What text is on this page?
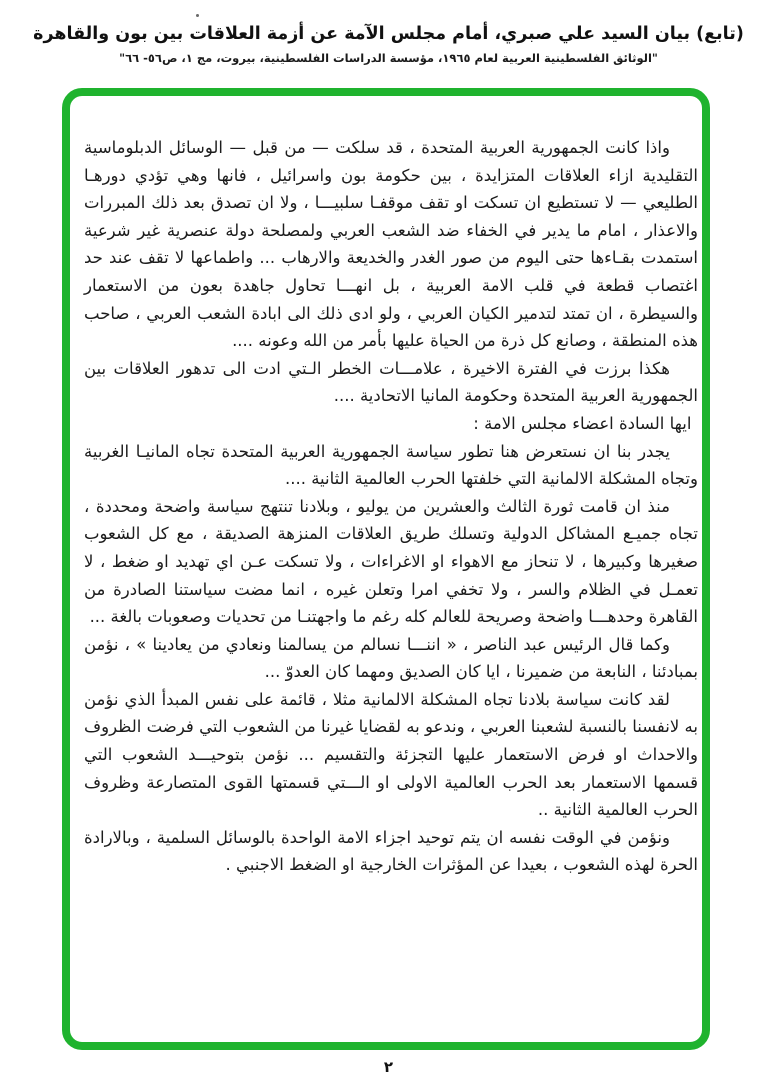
(تابع) بيان السيد علي صبري، أمام مجلس الآمة عن أزمة العلاقات بين بون والقاهرة
"الوثائق الفلسطينية العربية لعام ١٩٦٥، مؤسسة الدراسات الفلسطينية، بيروت، مج ١، ص٥٦- ٦٦"

واذا كانت الجمهورية العربية المتحدة ، قد سلكت — من قبل — الوسائل الدبلوماسية التقليدية ازاء العلاقات المتزايدة ، بين حكومة بون واسرائيل ، فانها وهي تؤدي دورهـا الطليعي — لا تستطيع ان تسكت او تقف موقفـا سلبيـــا ، ولا ان تصدق بعد ذلك المبررات والاعذار ، امام ما يدير في الخفاء ضد الشعب العربي ولمصلحة دولة عنصرية غير شرعية استمدت بقـاءها حتى اليوم من صور الغدر والخديعة والارهاب ... واطماعها لا تقف عند حد اغتصاب قطعة في قلب الامة العربية ، بل انهـــا تحاول جاهدة بعون من الاستعمار والسيطرة ، ان تمتد لتدمير الكيان العربي ، ولو ادى ذلك الى ابادة الشعب العربي ، صاحب هذه المنطقة ، وصانع كل ذرة من الحياة عليها بأمر من الله وعونه ....

هكذا برزت في الفترة الاخيرة ، علامـــات الخطر الـتي ادت الى تدهور العلاقات بين الجمهورية العربية المتحدة وحكومة المانيا الاتحادية ....

ايها السادة اعضاء مجلس الامة :

يجدر بنا ان نستعرض هنا تطور سياسة الجمهورية العربية المتحدة تجاه المانيـا الغربية وتجاه المشكلة الالمانية التي خلفتها الحرب العالمية الثانية ....

منذ ان قامت ثورة الثالث والعشرين من يوليو ، وبلادنا تنتهج سياسة واضحة ومحددة ، تجاه جميـع المشاكل الدولية وتسلك طريق العلاقات المنزهة الصديقة ، مع كل الشعوب صغيرها وكبيرها ، لا تنحاز مع الاهواء او الاغراءات ، ولا تسكت عـن اي تهديد او ضغط ، لا تعمـل في الظلام والسر ، ولا تخفي امرا وتعلن غيره ، انما مضت سياستنا الصادرة من القاهرة وحدهـــا واضحة وصريحة للعالم كله رغم ما واجهتنـا من تحديات وصعوبات بالغة ...

وكما قال الرئيس عبد الناصر ، « اننـــا نسالم من يسالمنا ونعادي من يعادينا » ، نؤمن بمبادئنا ، النابعة من ضميرنا ، ايا كان الصديق ومهما كان العدوّ ...

لقد كانت سياسة بلادنا تجاه المشكلة الالمانية مثلا ، قائمة على نفس المبدأ الذي نؤمن به لانفسنا بالنسبة لشعبنا العربي ، وندعو به لقضايا غيرنا من الشعوب التي فرضت الظروف والاحداث او فرض الاستعمار عليها التجزئة والتقسيم ... نؤمن بتوحيـــد الشعوب التي قسمها الاستعمار بعد الحرب العالمية الاولى او الـــتي قسمتها القوى المتصارعة وظروف الحرب العالمية الثانية ..

ونؤمن في الوقت نفسه ان يتم توحيد اجزاء الامة الواحدة بالوسائل السلمية ، وبالارادة الحرة لهذه الشعوب ، بعيدا عن المؤثرات الخارجية او الضغط الاجنبي .

٢
